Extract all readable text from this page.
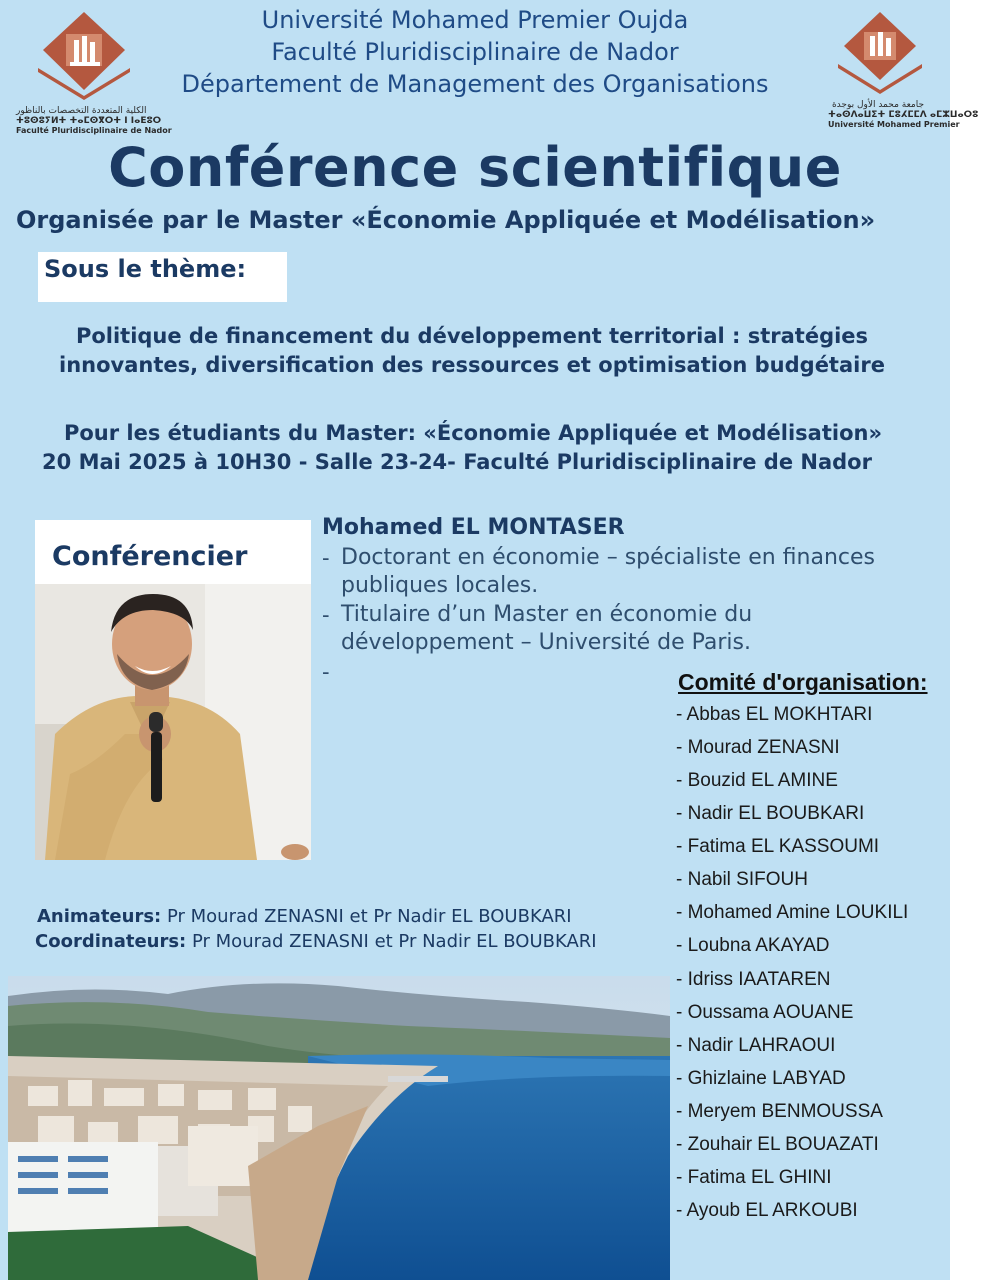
الكلية المتعددة التخصصات بالناظور
ⵜⵓⵙⵓⵢⵍⵜ ⵜⴰⵎⵙⴳⵔⵜ ⵏ ⵏⴰⴹⵓⵔ
Faculté Pluridisciplinaire de Nador
جامعة محمد الأول بوجدة
ⵜⴰⵙⴷⴰⵡⵉⵜ ⵎⵓⵃⵎⵎⴷ ⴰⵎⵣⵡⴰⵔⵓ
Université Mohamed Premier
Université Mohamed Premier Oujda
Faculté Pluridisciplinaire de Nador
Département de Management des Organisations
Conférence scientifique
Organisée par le Master «Économie Appliquée et Modélisation»
Sous le thème:
Politique de financement du développement territorial : stratégies
innovantes, diversification des ressources et optimisation budgétaire
Pour les étudiants du Master: «Économie Appliquée et Modélisation»
20 Mai 2025 à 10H30 - Salle 23-24- Faculté Pluridisciplinaire de Nador
Conférencier
Mohamed EL MONTASER
- Doctorant en économie – spécialiste en finances
publiques locales.
- Titulaire d’un Master en économie du
développement – Université de Paris.
-	Comité d'organisation:
- Abbas EL MOKHTARI
- Mourad ZENASNI
- Bouzid EL AMINE
- Nadir EL BOUBKARI
- Fatima EL KASSOUMI
- Nabil SIFOUH
- Mohamed Amine LOUKILI
- Loubna AKAYAD
- Idriss IAATAREN
- Oussama AOUANE
- Nadir LAHRAOUI
- Ghizlaine LABYAD
- Meryem BENMOUSSA
- Zouhair EL BOUAZATI
- Fatima EL GHINI
- Ayoub EL ARKOUBI
Animateurs: Pr Mourad ZENASNI et Pr Nadir EL BOUBKARI
Coordinateurs: Pr Mourad ZENASNI et Pr Nadir EL BOUBKARI
